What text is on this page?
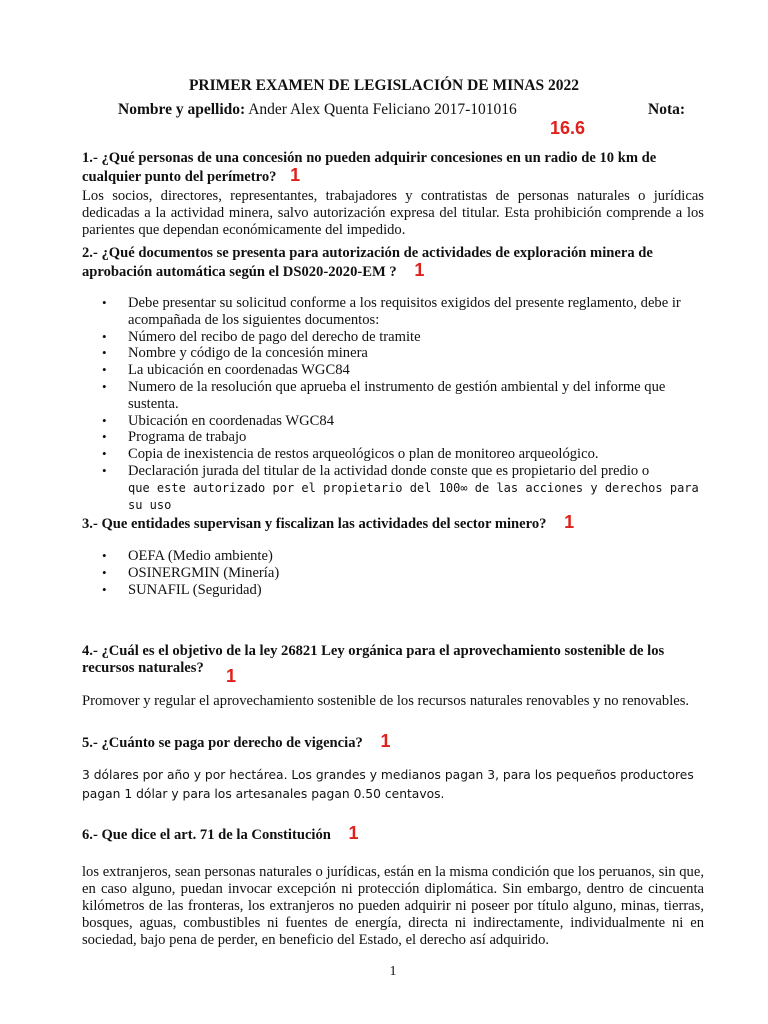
PRIMER EXAMEN DE LEGISLACIÓN DE MINAS 2022
Nombre y apellido: Ander Alex Quenta Feliciano 2017-101016	Nota:
16.6
1.- ¿Qué personas de una concesión no pueden adquirir concesiones en un radio de 10 km de cualquier punto del perímetro? 1

Los socios, directores, representantes, trabajadores y contratistas de personas naturales o jurídicas dedicadas a la actividad minera, salvo autorización expresa del titular. Esta prohibición comprende a los parientes que dependan económicamente del impedido.

2.- ¿Qué documentos se presenta para autorización de actividades de exploración minera de aprobación automática según el DS020-2020-EM ? 1
• Debe presentar su solicitud conforme a los requisitos exigidos del presente reglamento, debe ir acompañada de los siguientes documentos:
• Número del recibo de pago del derecho de tramite
• Nombre y código de la concesión minera
• La ubicación en coordenadas WGC84
• Numero de la resolución que aprueba el instrumento de gestión ambiental y del informe que sustenta.
• Ubicación en coordenadas WGC84
• Programa de trabajo
• Copia de inexistencia de restos arqueológicos o plan de monitoreo arqueológico.
• Declaración jurada del titular de la actividad donde conste que es propietario del predio o
que este autorizado por el propietario del 100∞ de las acciones y derechos para su uso
3.- Que entidades supervisan y fiscalizan las actividades del sector minero? 1
• OEFA (Medio ambiente)
• OSINERGMIN (Minería)
• SUNAFIL (Seguridad)
4.- ¿Cuál es el objetivo de la ley 26821 Ley orgánica para el aprovechamiento sostenible de los recursos naturales?	1

Promover y regular el aprovechamiento sostenible de los recursos naturales renovables y no renovables.

5.- ¿Cuánto se paga por derecho de vigencia? 1

3 dólares por año y por hectárea. Los grandes y medianos pagan 3, para los pequeños productores pagan 1 dólar y para los artesanales pagan 0.50 centavos.

6.- Que dice el art. 71 de la Constitución 1

los extranjeros, sean personas naturales o jurídicas, están en la misma condición que los peruanos, sin que, en caso alguno, puedan invocar excepción ni protección diplomática. Sin embargo, dentro de cincuenta kilómetros de las fronteras, los extranjeros no pueden adquirir ni poseer por título alguno, minas, tierras, bosques, aguas, combustibles ni fuentes de energía, directa ni indirectamente, individualmente ni en sociedad, bajo pena de perder, en beneficio del Estado, el derecho así adquirido.

1
